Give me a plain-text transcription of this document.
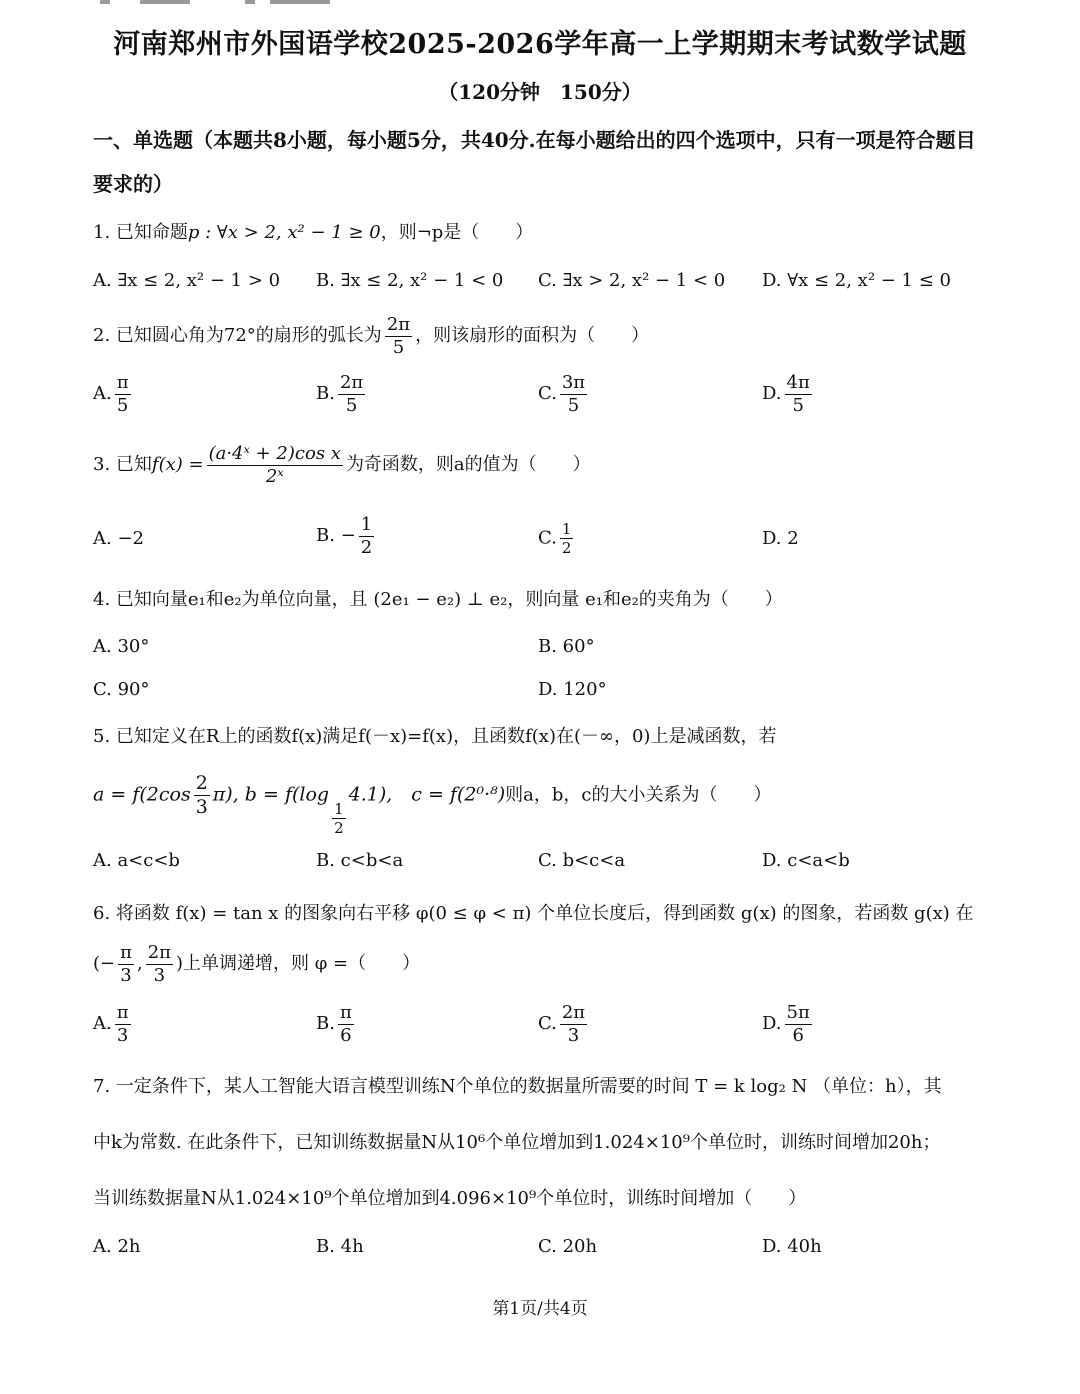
河南郑州市外国语学校2025-2026学年高一上学期期末考试数学试题
（120分钟　150分）
一、单选题（本题共8小题，每小题5分，共40分.在每小题给出的四个选项中，只有一项是符合题目要求的）
1. 已知命题p : ∀x > 2, x² − 1 ≥ 0，则¬p是（　　）
A. ∃x ≤ 2, x² − 1 > 0 B. ∃x ≤ 2, x² − 1 < 0 C. ∃x > 2, x² − 1 < 0 D. ∀x ≤ 2, x² − 1 ≤ 0
2. 已知圆心角为72°的扇形的弧长为 $\frac{2\pi}{5}$ ，则该扇形的面积为（　　）
A. $\frac{\pi}{5}$	B. $\frac{2\pi}{5}$	C. $\frac{3\pi}{5}$	D. $\frac{4\pi}{5}$
3. 已知$f(x) = \frac{\text{(a·4ˣ + 2)cos x}}{\text{2ˣ}}$ 为奇函数，则a的值为（　　）
A. −2	B. − $\frac{1}{2}$	C. $\frac{1}{2}$	D. 2
4. 已知向量e₁和e₂为单位向量，且 (2e₁ − e₂) ⊥ e₂，则向量 e₁和e₂的夹角为（　　）
A. 30°	B. 60°
C. 90°	D. 120°
5. 已知定义在R上的函数f(x)满足f(－x)=f(x)，且函数f(x)在(－∞，0)上是减函数，若
$a = f(2\cos \frac{2}{3} \pi)$, b = f(log
$\frac{1}{2}$
4.1),　c = f(2⁰·⁸)则a，b，c的大小关系为（　　）
A. a<c<b	B. c<b<a	C. b<c<a	D. c<a<b
6. 将函数 f(x) = tan x 的图象向右平移 φ(0 ≤ φ < π) 个单位长度后，得到函数 g(x) 的图象，若函数 g(x) 在
(− $\frac{\pi}{3}$ , $\frac{2\pi}{3}$ )上单调递增，则 φ =（　　）
A. $\frac{\pi}{3}$	B. $\frac{\pi}{6}$	C. $\frac{2\pi}{3}$	D. $\frac{5\pi}{6}$
7. 一定条件下，某人工智能大语言模型训练N个单位的数据量所需要的时间 T = k log₂ N （单位：h），其
中k为常数. 在此条件下，已知训练数据量N从10⁶个单位增加到1.024×10⁹个单位时，训练时间增加20h；
当训练数据量N从1.024×10⁹个单位增加到4.096×10⁹个单位时，训练时间增加（　　）
A. 2h	B. 4h	C. 20h	D. 40h
第1页/共4页
